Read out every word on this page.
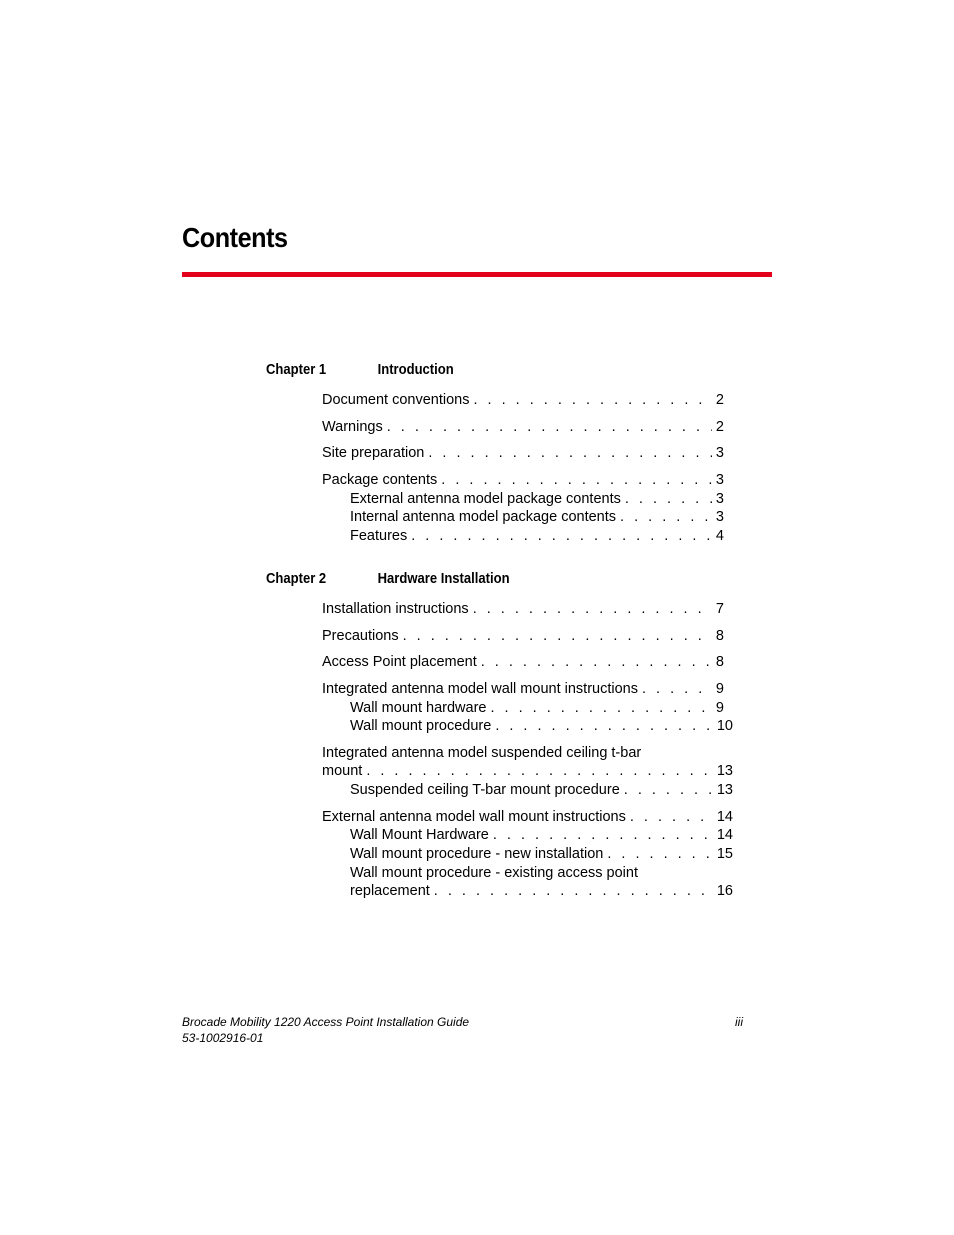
Contents
Chapter 1	Introduction
Document conventions . . .	2
Warnings . . .	2
Site preparation . . .	3
Package contents . . .	3
External antenna model package contents . . .	3
Internal antenna model package contents . . .	3
Features . . .	4
Chapter 2	Hardware Installation
Installation instructions . . .	7
Precautions . . .	8
Access Point placement . . .	8
Integrated antenna model wall mount instructions . . .	9
Wall mount hardware . . .	9
Wall mount procedure . . .	10
Integrated antenna model suspended ceiling t-bar
mount . . .	13
Suspended ceiling T-bar mount procedure . . .	13
External antenna model wall mount instructions . . .	14
Wall Mount Hardware . . .	14
Wall mount procedure - new installation . . .	15
Wall mount procedure - existing access point
replacement . . .	16
Brocade Mobility 1220 Access Point Installation Guide
53-1002916-01
iii
